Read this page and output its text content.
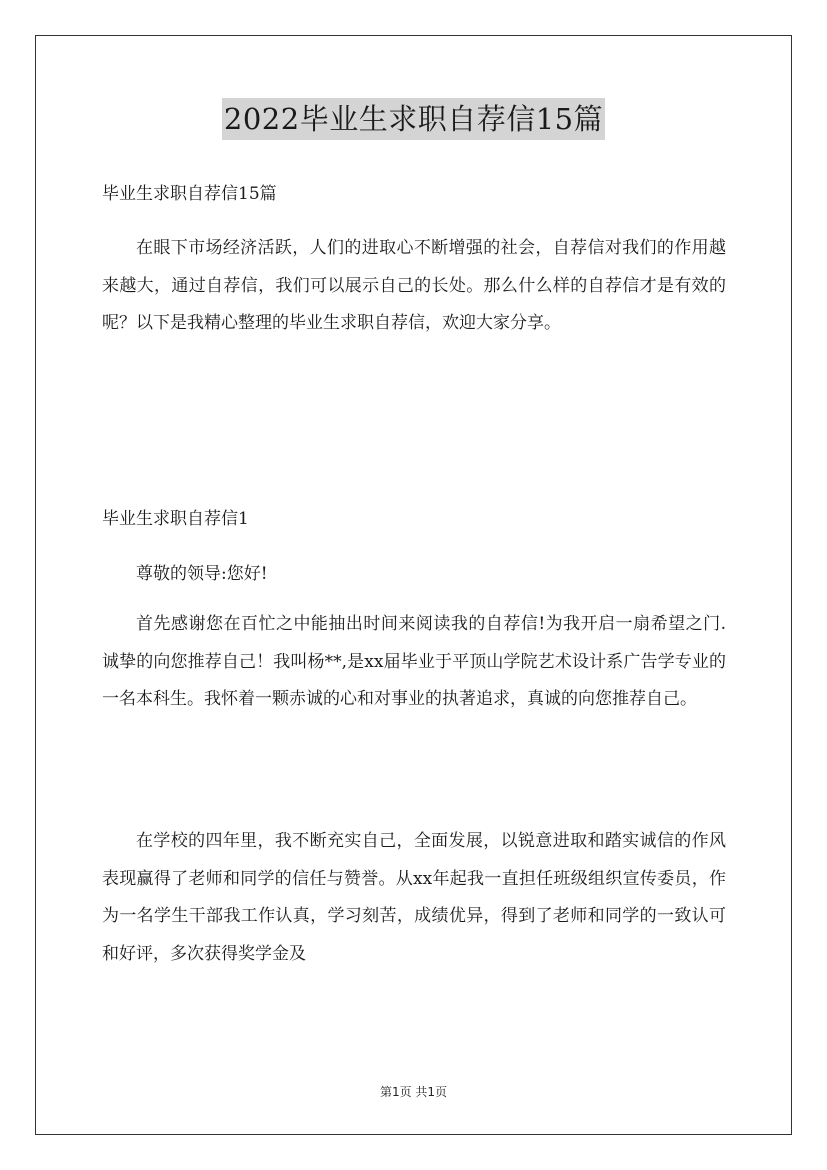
2022毕业生求职自荐信15篇

毕业生求职自荐信15篇

在眼下市场经济活跃，人们的进取心不断增强的社会，自荐信对我们的作用越来越大，通过自荐信，我们可以展示自己的长处。那么什么样的自荐信才是有效的呢？以下是我精心整理的毕业生求职自荐信，欢迎大家分享。

毕业生求职自荐信1

尊敬的领导:您好!

首先感谢您在百忙之中能抽出时间来阅读我的自荐信!为我开启一扇希望之门. 诚挚的向您推荐自己！我叫杨**,是xx届毕业于平顶山学院艺术设计系广告学专业的一名本科生。我怀着一颗赤诚的心和对事业的执著追求，真诚的向您推荐自己。

在学校的四年里，我不断充实自己，全面发展，以锐意进取和踏实诚信的作风表现赢得了老师和同学的信任与赞誉。从xx年起我一直担任班级组织宣传委员，作为一名学生干部我工作认真，学习刻苦，成绩优异，得到了老师和同学的一致认可和好评，多次获得奖学金及

第1页 共1页
